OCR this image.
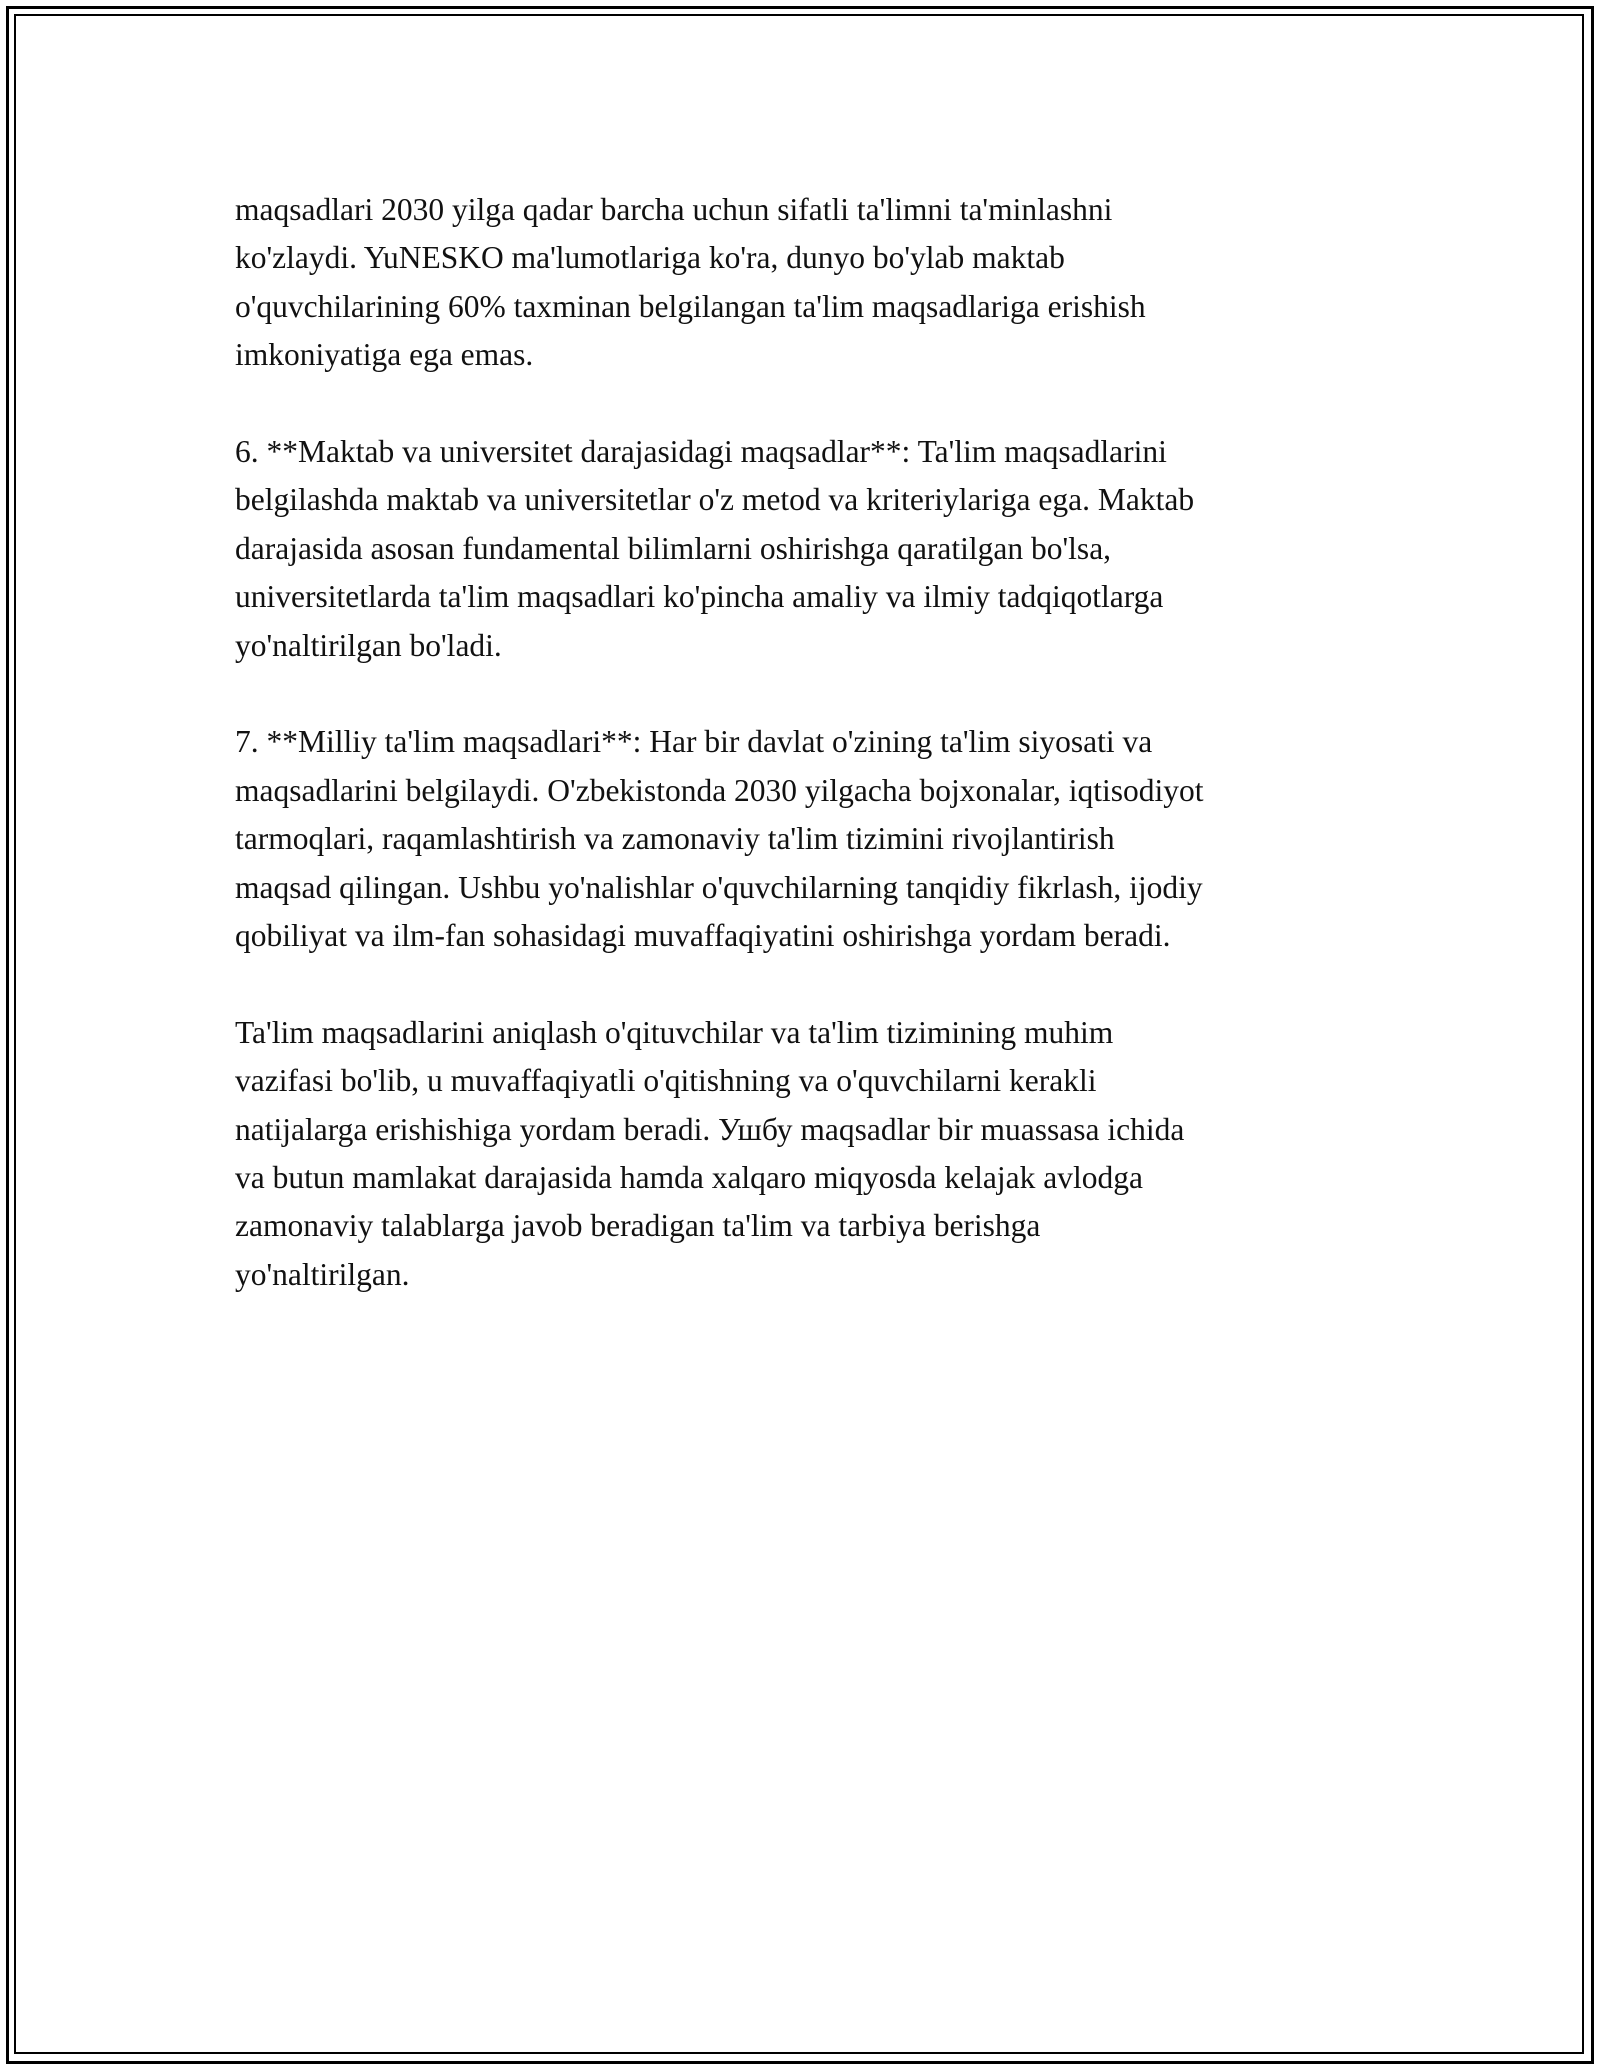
maqsadlari 2030 yilga qadar barcha uchun sifatli ta'limni ta'minlashni
ko'zlaydi. YuNESKO ma'lumotlariga ko'ra, dunyo bo'ylab maktab
o'quvchilarining 60% taxminan belgilangan ta'lim maqsadlariga erishish
imkoniyatiga ega emas.

6. **Maktab va universitet darajasidagi maqsadlar**: Ta'lim maqsadlarini
belgilashda maktab va universitetlar o'z metod va kriteriylariga ega. Maktab
darajasida asosan fundamental bilimlarni oshirishga qaratilgan bo'lsa,
universitetlarda ta'lim maqsadlari ko'pincha amaliy va ilmiy tadqiqotlarga
yo'naltirilgan bo'ladi.

7. **Milliy ta'lim maqsadlari**: Har bir davlat o'zining ta'lim siyosati va
maqsadlarini belgilaydi. O'zbekistonda 2030 yilgacha bojxonalar, iqtisodiyot
tarmoqlari, raqamlashtirish va zamonaviy ta'lim tizimini rivojlantirish
maqsad qilingan. Ushbu yo'nalishlar o'quvchilarning tanqidiy fikrlash, ijodiy
qobiliyat va ilm-fan sohasidagi muvaffaqiyatini oshirishga yordam beradi.

Ta'lim maqsadlarini aniqlash o'qituvchilar va ta'lim tizimining muhim
vazifasi bo'lib, u muvaffaqiyatli o'qitishning va o'quvchilarni kerakli
natijalarga erishishiga yordam beradi. Ушбу maqsadlar bir muassasa ichida
va butun mamlakat darajasida hamda xalqaro miqyosda kelajak avlodga
zamonaviy talablarga javob beradigan ta'lim va tarbiya berishga
yo'naltirilgan.
